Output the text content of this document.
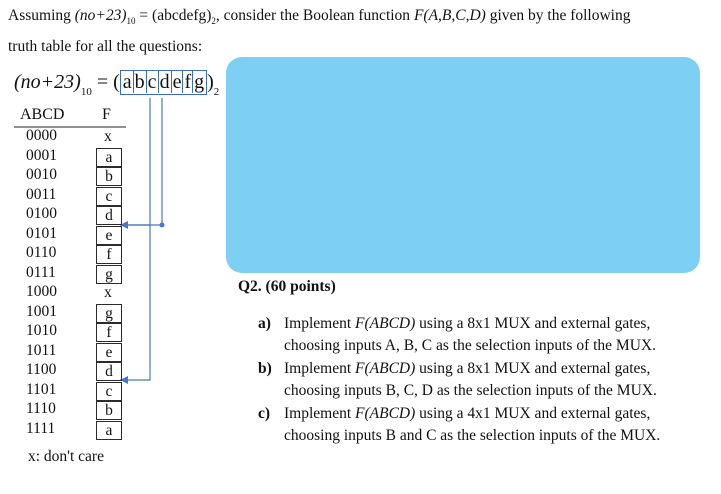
Assuming $(no+23)_{10}$ = $(abcdefg)_2$, consider the Boolean function F(A,B,C,D) given by the following
truth table for all the questions:
$(no+23)_{10}$ = ( a b c d e f g )$_2$
ABCD F
0000	x
0001	a
0010	b
0011	c
0100	d
0101	e
0110	f
0111	g
1000	x
1001	g
1010	f
1011	e
1100	d
1101	c
1110	b
1111	a
x: don't care
Q2. (60 points)
a) Implement F(ABCD) using a 8x1 MUX and external gates,
choosing inputs A, B, C as the selection inputs of the MUX.
b) Implement F(ABCD) using a 8x1 MUX and external gates,
choosing inputs B, C, D as the selection inputs of the MUX.
c) Implement F(ABCD) using a 4x1 MUX and external gates,
choosing inputs B and C as the selection inputs of the MUX.
